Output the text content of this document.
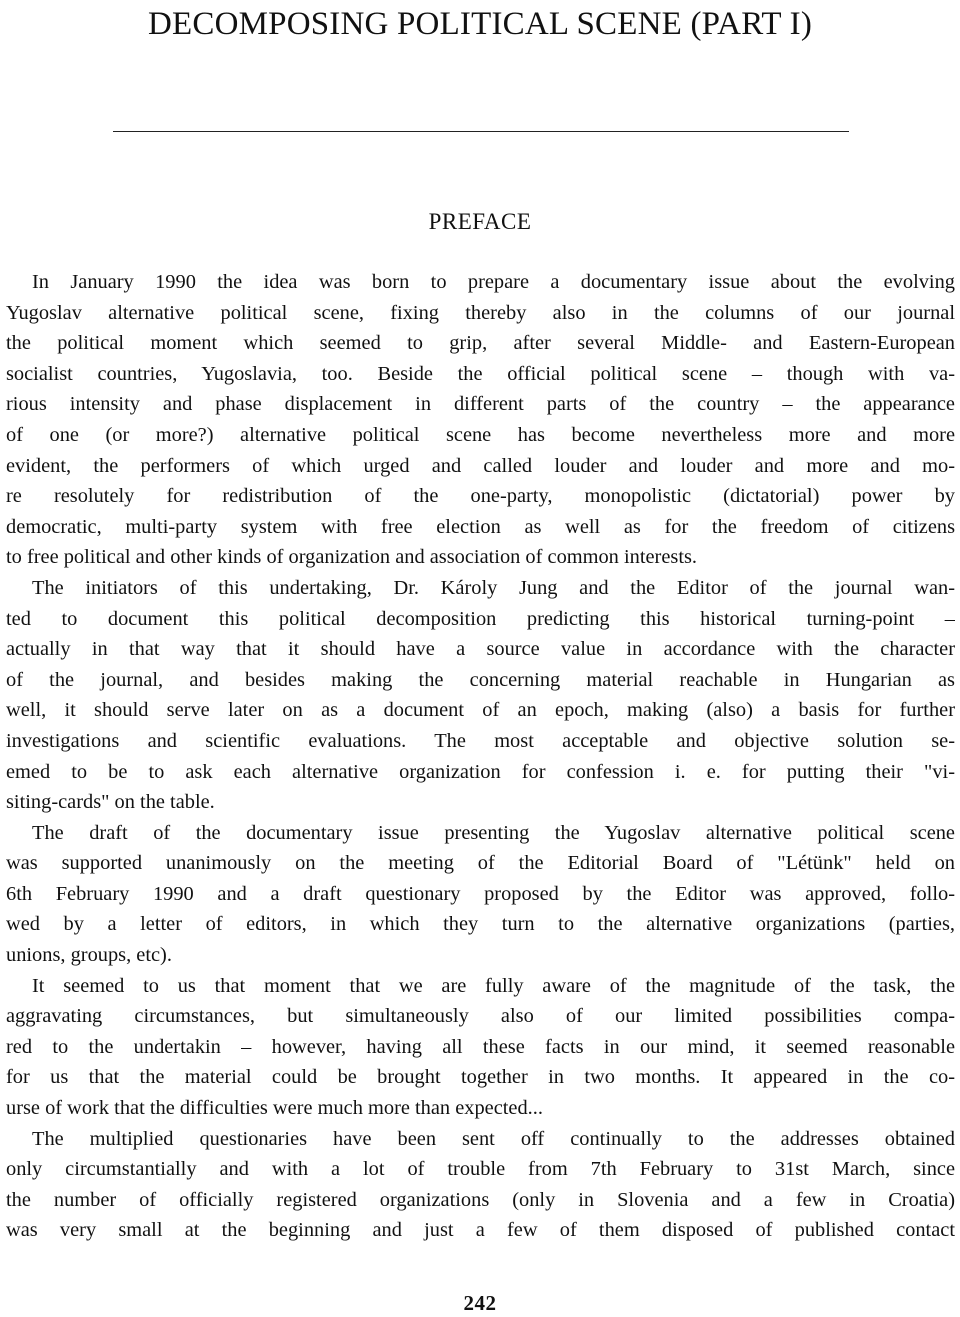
DECOMPOSING POLITICAL SCENE (PART I)
PREFACE
In January 1990 the idea was born to prepare a documentary issue about the evolving
Yugoslav alternative political scene, fixing thereby also in the columns of our journal
the political moment which seemed to grip, after several Middle- and Eastern-European
socialist countries, Yugoslavia, too. Beside the official political scene – though with va-
rious intensity and phase displacement in different parts of the country – the appearance
of one (or more?) alternative political scene has become nevertheless more and more
evident, the performers of which urged and called louder and louder and more and mo-
re resolutely for redistribution of the one-party, monopolistic (dictatorial) power by
democratic, multi-party system with free election as well as for the freedom of citizens
to free political and other kinds of organization and association of common interests.
The initiators of this undertaking, Dr. Károly Jung and the Editor of the journal wan-
ted to document this political decomposition predicting this historical turning-point –
actually in that way that it should have a source value in accordance with the character
of the journal, and besides making the concerning material reachable in Hungarian as
well, it should serve later on as a document of an epoch, making (also) a basis for further
investigations and scientific evaluations. The most acceptable and objective solution se-
emed to be to ask each alternative organization for confession i. e. for putting their "vi-
siting-cards" on the table.
The draft of the documentary issue presenting the Yugoslav alternative political scene
was supported unanimously on the meeting of the Editorial Board of "Létünk" held on
6th February 1990 and a draft questionary proposed by the Editor was approved, follo-
wed by a letter of editors, in which they turn to the alternative organizations (parties,
unions, groups, etc).
It seemed to us that moment that we are fully aware of the magnitude of the task, the
aggravating circumstances, but simultaneously also of our limited possibilities compa-
red to the undertakin – however, having all these facts in our mind, it seemed reasonable
for us that the material could be brought together in two months. It appeared in the co-
urse of work that the difficulties were much more than expected...
The multiplied questionaries have been sent off continually to the addresses obtained
only circumstantially and with a lot of trouble from 7th February to 31st March, since
the number of officially registered organizations (only in Slovenia and a few in Croatia)
was very small at the beginning and just a few of them disposed of published contact
242
